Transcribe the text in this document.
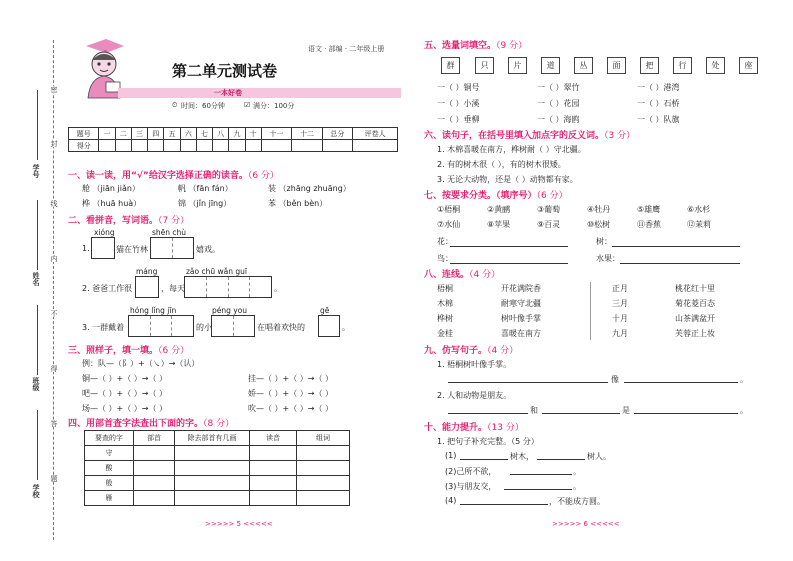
密
封
线
内
不
得
答
题
学号
姓名
班级
学校
语文 · 部编 · 二年级上册
第二单元测试卷
一本好卷
⏲ 时间：60分钟	☑ 满分：100分
题号	一	二	三	四	五	六	七	八	九	十	十一	十二	总分	评卷人
得分														
一、读一读，用“√”给汉字选择正确的读音。（6 分）
舱 （jiān jiǎn）	帆 （fān fán）	装 （zhāng zhuāng）
桦 （huā huà）	锦 （jǐn jīng）	苯 （běn bèn）
二、看拼音，写词语。（7 分）
xióng	shēn chù
1.	猫在竹林	嬉戏。
máng	zǎo chū wǎn guī
2. 爸爸工作很	，每天	。
hóng lǐng jīn	péng you	gē
3. 一群戴着	的小	在唱着欢快的	。
三、照样子，填一填。（6 分）
例：队—（阝）+（㇏）→（认）
铜—（ ）+（ ）→（ ）
吧—（ ）+（ ）→（ ）
场—（ ）+（ ）→（ ）
挂—（ ）+（ ）→（ ）
娇—（ ）+（ ）→（ ）
吹—（ ）+（ ）→（ ）
四、用部首查字法查出下面的字。（8 分）
要查的字	部首	除去部首有几画	读音	组词
守				
酸				
般				
雁				
>>>>> 5 <<<<<
五、选量词填空。（9 分）
群	只	片	道	丛	面	把	行	处	座
一（ ）铜号	一（ ）翠竹	一（ ）港湾
一（ ）小溪	一（ ）花园	一（ ）石桥
一（ ）垂柳	一（ ）海鸥	一（ ）队旗
六、读句子，在括号里填入加点字的反义词。（3 分）
1. 木棉喜暖在南方，桦树耐（ ）守北疆。
2. 有的树木很（ ），有的树木很矮。
3. 无论大动物，还是（ ）动物都有家。
七、按要求分类。（填序号）（6 分）
①梧桐	②黄鹂	③葡萄	④牡丹	⑤雄鹰	⑥水杉
⑦水仙	⑧苹果	⑨百灵	⑩松树	⑪香蕉	⑫茉莉
花：	树：
鸟：	水果：
八、连线。（4 分）
梧桐
木棉
桦树
金桂
开花满院香
耐寒守北疆
树叶像手掌
喜暖在南方
正月
三月
十月
九月
桃花红十里
菊花菱百态
山茶满盆开
芙蓉正上妆
九、仿写句子。（4 分）
1. 梧桐树叶像手掌。
像	。
2. 人和动物是朋友。
和	是	。
十、能力提升。（13 分）
1. 把句子补充完整。（5 分）
(1)	树木，	树人。
(2)己所不欲，	。
(3)与朋友交，	。
(4)	，不能成方圆。
>>>>> 6 <<<<<
